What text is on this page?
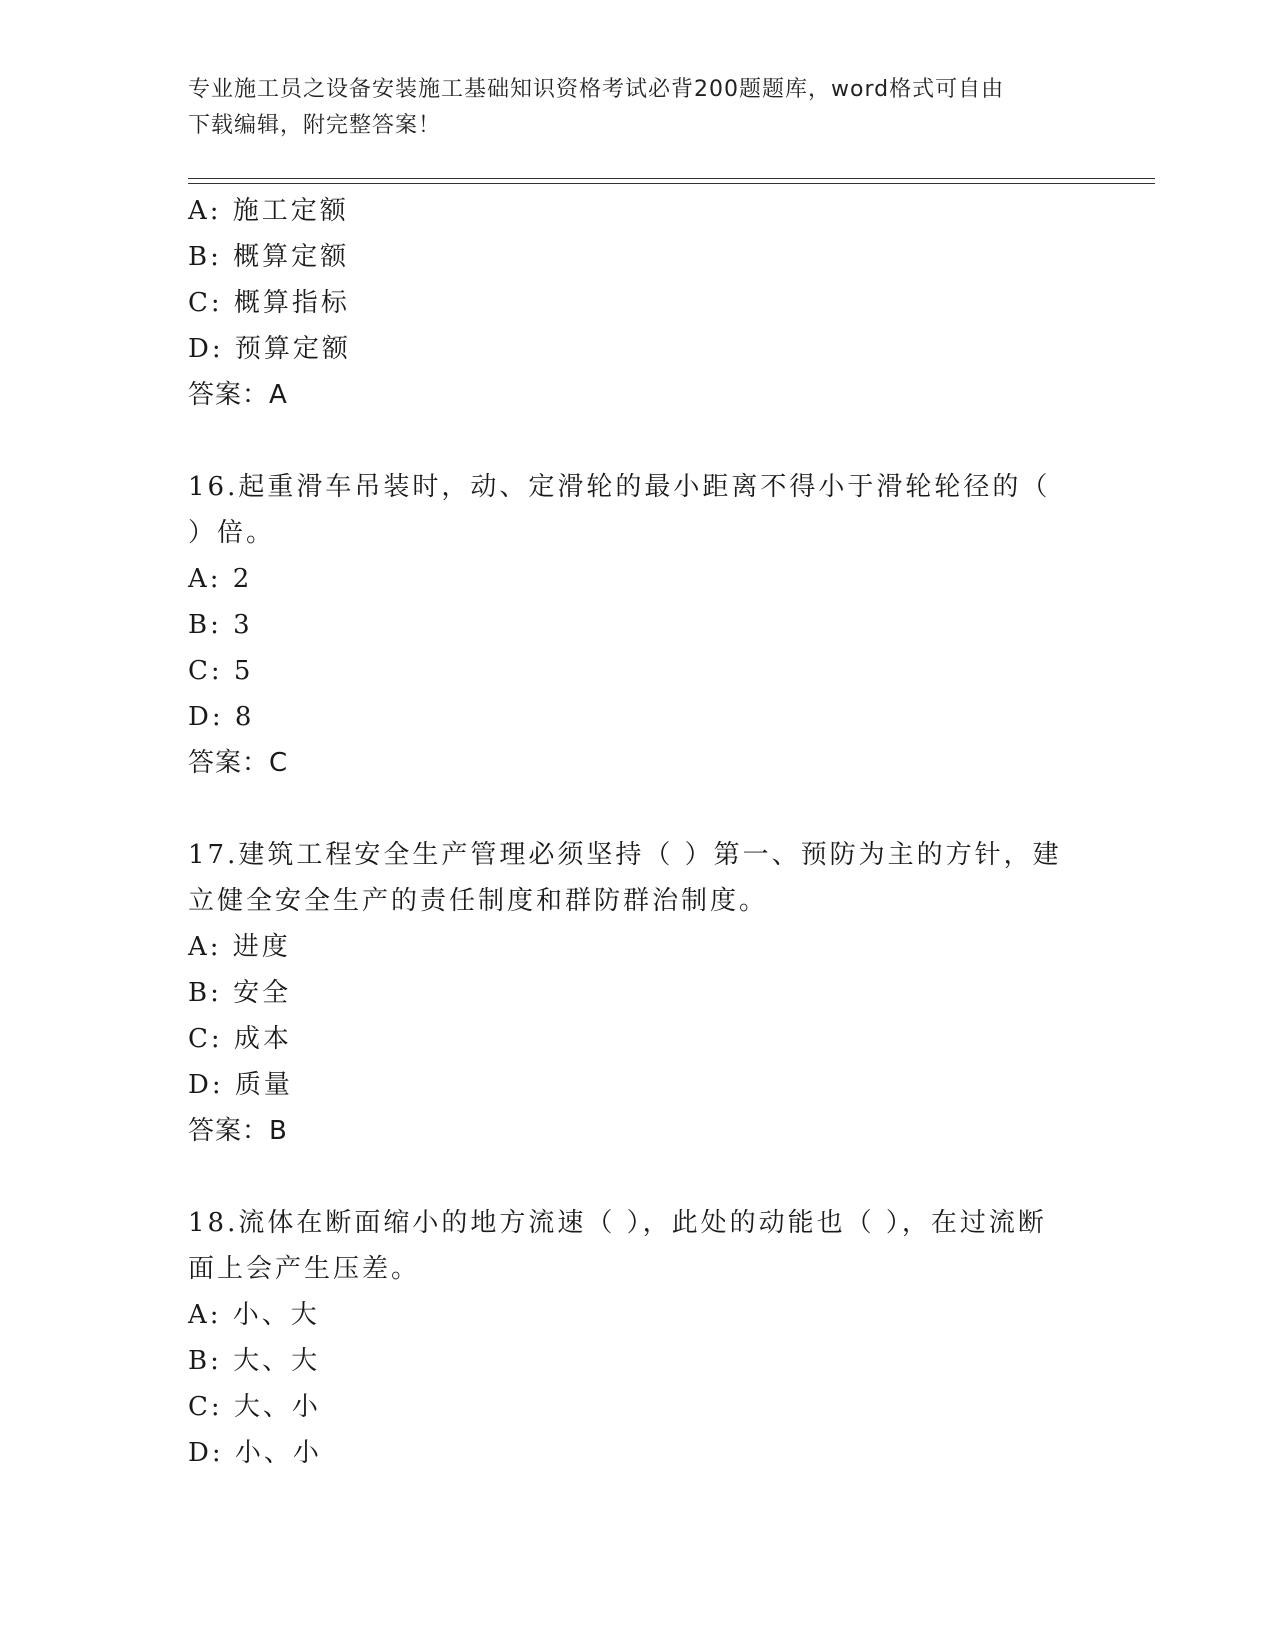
专业施工员之设备安装施工基础知识资格考试必背200题题库，word格式可自由
下载编辑，附完整答案！
A: 施工定额
B: 概算定额
C: 概算指标
D: 预算定额
答案：A
16.起重滑车吊装时，动、定滑轮的最小距离不得小于滑轮轮径的（
）倍。
A: 2
B: 3
C: 5
D: 8
答案：C
17.建筑工程安全生产管理必须坚持（ ）第一、预防为主的方针，建
立健全安全生产的责任制度和群防群治制度。
A: 进度
B: 安全
C: 成本
D: 质量
答案：B
18.流体在断面缩小的地方流速（ ），此处的动能也（ ），在过流断
面上会产生压差。
A: 小、大
B: 大、大
C: 大、小
D: 小、小
